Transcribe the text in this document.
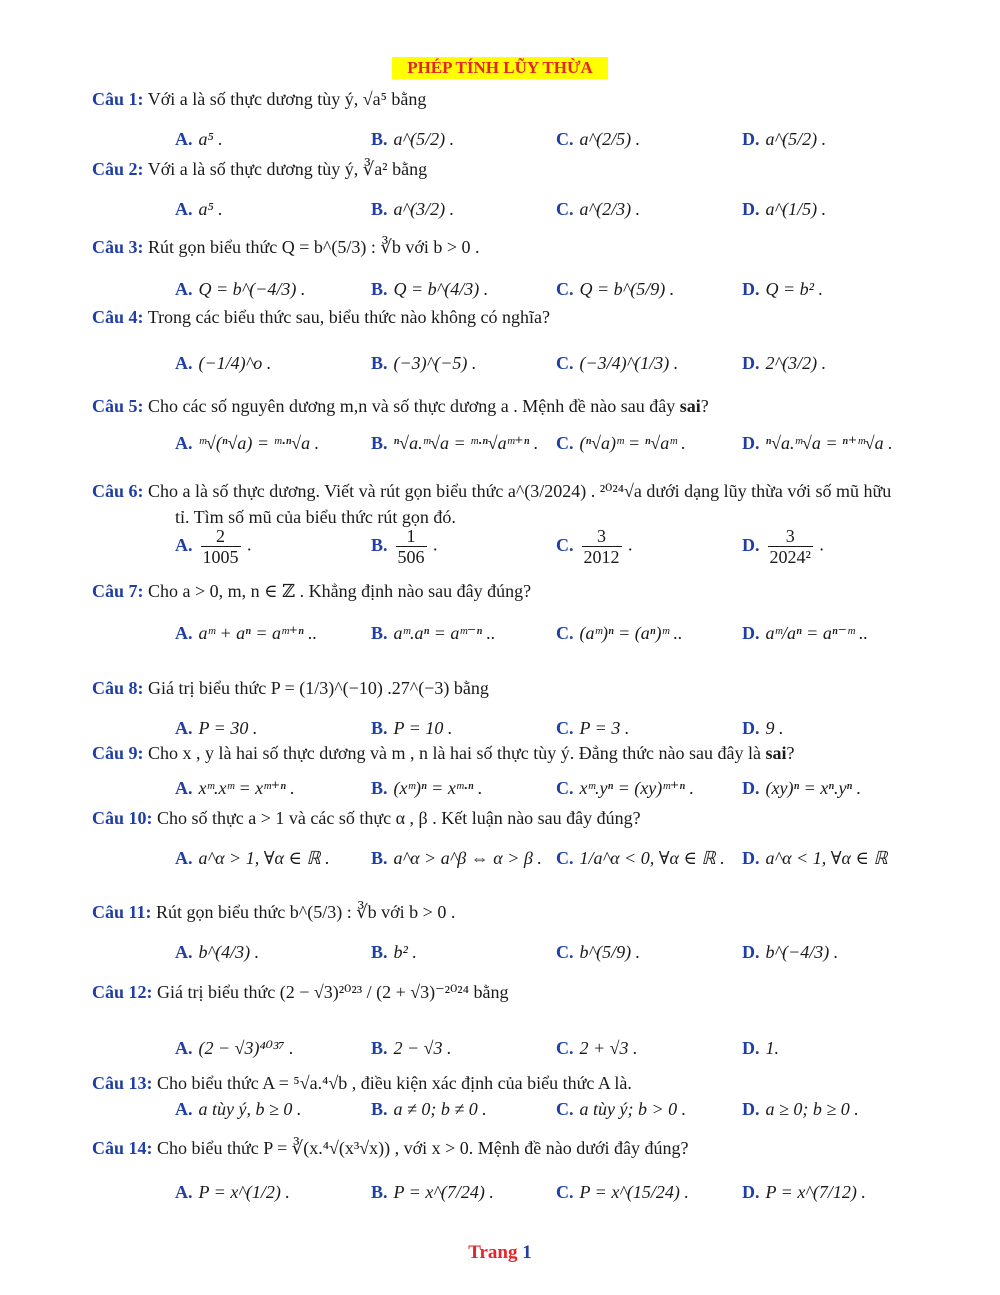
PHÉP TÍNH LŨY THỪA
Câu 1: Với a là số thực dương tùy ý, √a⁵ bằng
A. a⁵ .	B. a^(5/2) .	C. a^(2/5) .	D. a^(5/2) .
Câu 2: Với a là số thực dương tùy ý, ∛a² bằng
A. a⁵ .	B. a^(3/2) .	C. a^(2/3) .	D. a^(1/5) .
Câu 3: Rút gọn biểu thức Q = b^(5/3) : ∛b với b > 0 .
A. Q = b^(−4/3) .	B. Q = b^(4/3) .	C. Q = b^(5/9) .	D. Q = b² .
Câu 4: Trong các biểu thức sau, biểu thức nào không có nghĩa?
A. (−1/4)^o .	B. (−3)^(−5) .	C. (−3/4)^(1/3) .	D. 2^(3/2) .
Câu 5: Cho các số nguyên dương m,n và số thực dương a . Mệnh đề nào sau đây sai?
A. ᵐ√(ⁿ√a) = ᵐ·ⁿ√a .	B. ⁿ√a.ᵐ√a = ᵐ·ⁿ√aᵐ⁺ⁿ . C. (ⁿ√a)ᵐ = ⁿ√aᵐ .	D. ⁿ√a.ᵐ√a = ⁿ⁺ᵐ√a .
Câu 6: Cho a là số thực dương. Viết và rút gọn biểu thức a^(3/2024) . ²⁰²⁴√a dưới dạng lũy thừa với số mũ hữu
tỉ. Tìm số mũ của biểu thức rút gọn đó.
A. $\frac{2}{1005}$ .	B. $\frac{1}{506}$ .	C. $\frac{3}{2012}$ .	D. $\frac{3}{\text{2024²}}$ .
Câu 7: Cho a > 0, m, n ∈ ℤ . Khẳng định nào sau đây đúng?
A. aᵐ + aⁿ = aᵐ⁺ⁿ ..	B. aᵐ.aⁿ = aᵐ⁻ⁿ ..	C. (aᵐ)ⁿ = (aⁿ)ᵐ ..	D. aᵐ/aⁿ = aⁿ⁻ᵐ ..
Câu 8: Giá trị biểu thức P = (1/3)^(−10) .27^(−3) bằng
A. P = 30 .	B. P = 10 .	C. P = 3 .	D. 9 .
Câu 9: Cho x , y là hai số thực dương và m , n là hai số thực tùy ý. Đẳng thức nào sau đây là sai?
A. xᵐ.xᵐ = xᵐ⁺ⁿ .	B. (xᵐ)ⁿ = xᵐ·ⁿ .	C. xᵐ.yⁿ = (xy)ᵐ⁺ⁿ .	D. (xy)ⁿ = xⁿ.yⁿ .
Câu 10: Cho số thực a > 1 và các số thực α , β . Kết luận nào sau đây đúng?
A. a^α > 1, ∀α ∈ ℝ . B. a^α > a^β ⇔ α > β . C. 1/a^α < 0, ∀α ∈ ℝ . D. a^α < 1, ∀α ∈ ℝ
Câu 11: Rút gọn biểu thức b^(5/3) : ∛b với b > 0 .
A. b^(4/3) .	B. b² .	C. b^(5/9) .	D. b^(−4/3) .
Câu 12: Giá trị biểu thức (2 − √3)²⁰²³ / (2 + √3)⁻²⁰²⁴ bằng
A. (2 − √3)⁴⁰³⁷ .	B. 2 − √3 .	C. 2 + √3 .	D. 1.
Câu 13: Cho biểu thức A = ⁵√a.⁴√b , điều kiện xác định của biểu thức A là.
A. a tùy ý, b ≥ 0 .	B. a ≠ 0; b ≠ 0 .	C. a tùy ý; b > 0 .	D. a ≥ 0; b ≥ 0 .
Câu 14: Cho biểu thức P = ∛(x.⁴√(x³√x)) , với x > 0. Mệnh đề nào dưới đây đúng?
A. P = x^(1/2) .	B. P = x^(7/24) .	C. P = x^(15/24) .	D. P = x^(7/12) .
Trang 1
